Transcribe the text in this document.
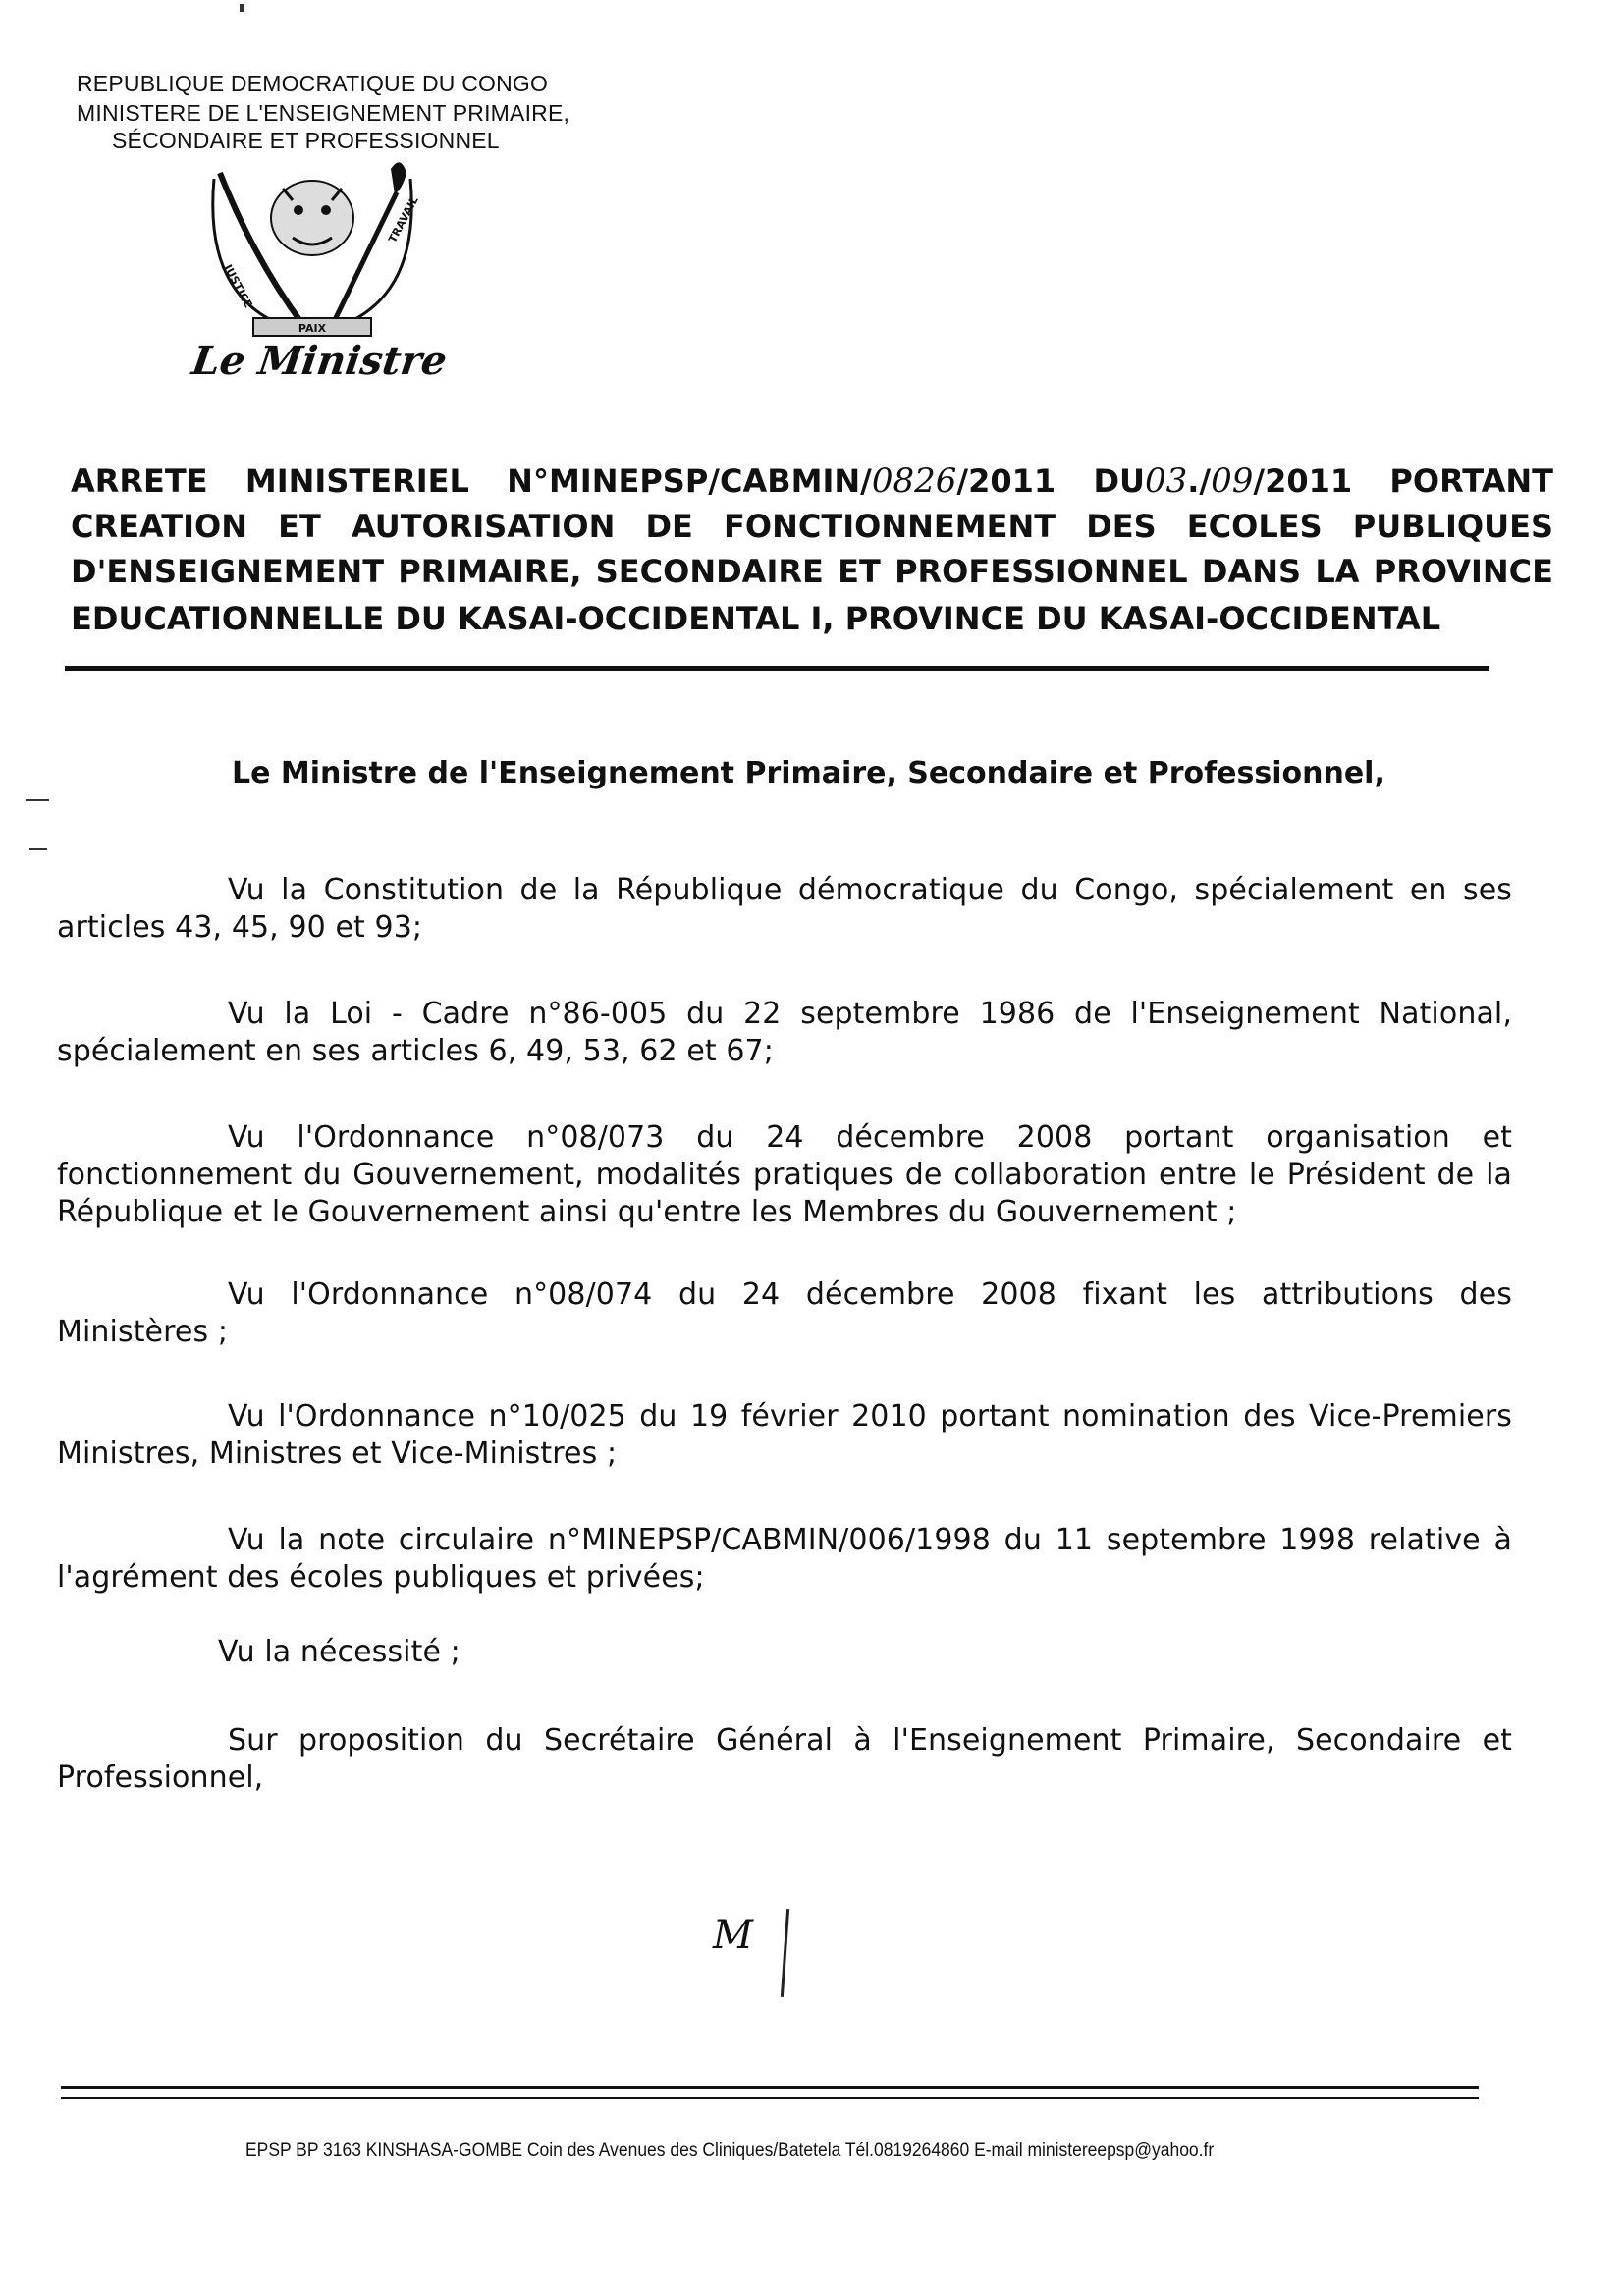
REPUBLIQUE DEMOCRATIQUE DU CONGO
MINISTERE DE L'ENSEIGNEMENT PRIMAIRE,
SÉCONDAIRE ET PROFESSIONNEL
PAIX
JUSTICE
TRAVAIL
Le Ministre
ARRETE MINISTERIEL N°MINEPSP/CABMIN/0826/2011 DU03./09/2011 PORTANT
CREATION ET AUTORISATION DE FONCTIONNEMENT DES ECOLES PUBLIQUES
D'ENSEIGNEMENT PRIMAIRE, SECONDAIRE ET PROFESSIONNEL DANS LA PROVINCE
EDUCATIONNELLE DU KASAI-OCCIDENTAL I, PROVINCE DU KASAI-OCCIDENTAL
Le Ministre de l'Enseignement Primaire, Secondaire et Professionnel,
Vu la Constitution de la République démocratique du Congo, spécialement en ses
articles 43, 45, 90 et 93;
Vu la Loi - Cadre n°86-005 du 22 septembre 1986 de l'Enseignement National,
spécialement en ses articles 6, 49, 53, 62 et 67;
Vu l'Ordonnance n°08/073 du 24 décembre 2008 portant organisation et
fonctionnement du Gouvernement, modalités pratiques de collaboration entre le Président de la
République et le Gouvernement ainsi qu'entre les Membres du Gouvernement ;
Vu l'Ordonnance n°08/074 du 24 décembre 2008 fixant les attributions des
Ministères ;
Vu l'Ordonnance n°10/025 du 19 février 2010 portant nomination des Vice-Premiers
Ministres, Ministres et Vice-Ministres ;
Vu la note circulaire n°MINEPSP/CABMIN/006/1998 du 11 septembre 1998 relative à
l'agrément des écoles publiques et privées;
Vu la nécessité ;
Sur proposition du Secrétaire Général à l'Enseignement Primaire, Secondaire et
Professionnel,
M
EPSP BP 3163 KINSHASA-GOMBE Coin des Avenues des Cliniques/Batetela Tél.0819264860 E-mail ministereepsp@yahoo.fr
